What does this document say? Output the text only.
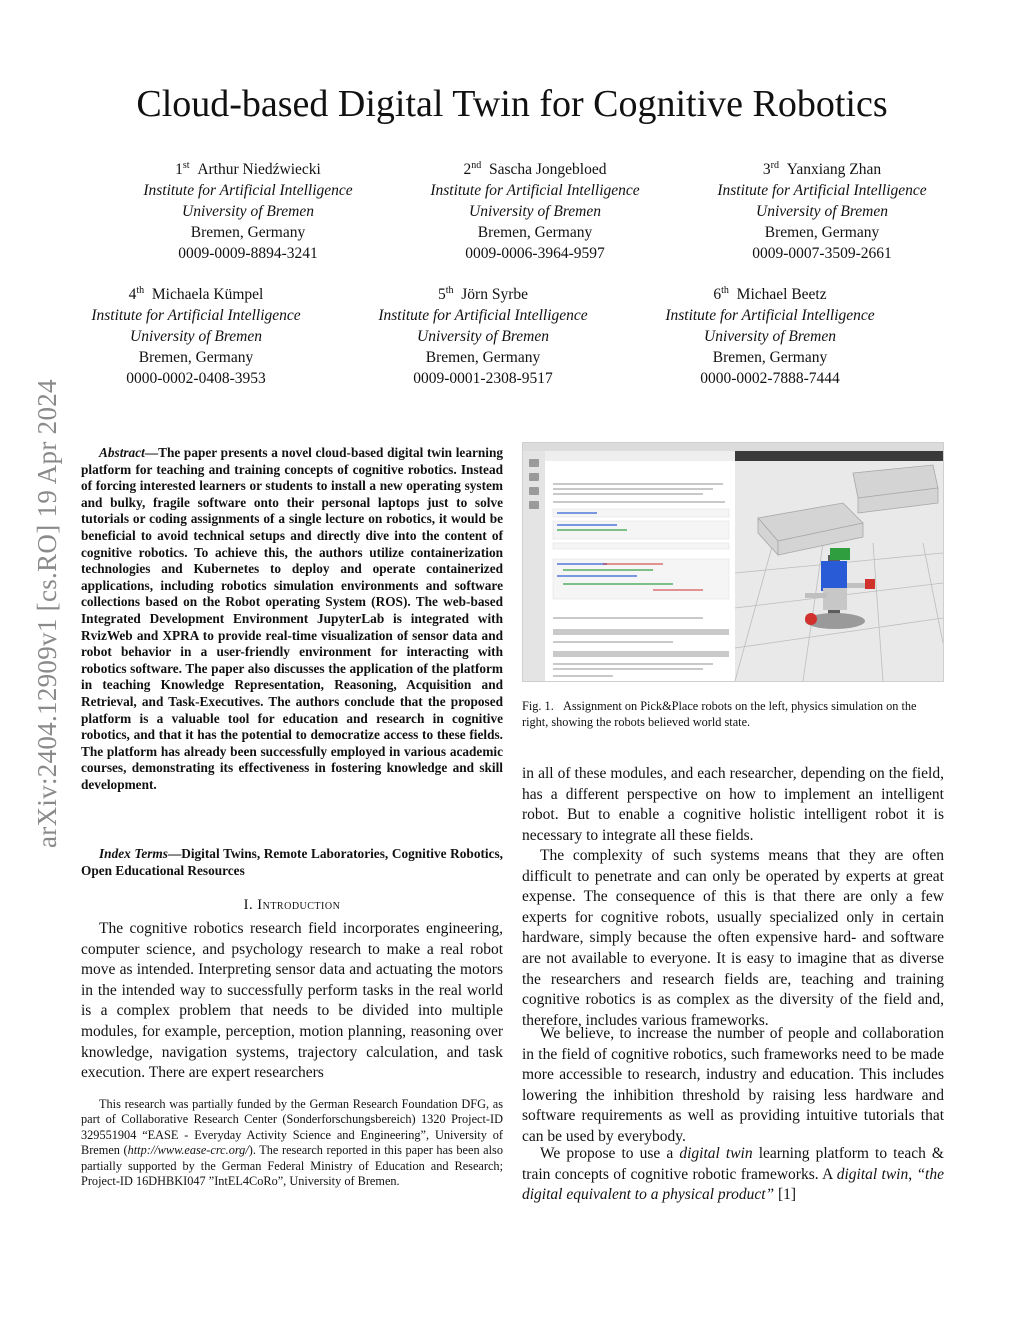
arXiv:2404.12909v1 [cs.RO] 19 Apr 2024
Cloud-based Digital Twin for Cognitive Robotics
1st Arthur Niedźwiecki
Institute for Artificial Intelligence
University of Bremen
Bremen, Germany
0009-0009-8894-3241
2nd Sascha Jongebloed
Institute for Artificial Intelligence
University of Bremen
Bremen, Germany
0009-0006-3964-9597
3rd Yanxiang Zhan
Institute for Artificial Intelligence
University of Bremen
Bremen, Germany
0009-0007-3509-2661
4th Michaela Kümpel
Institute for Artificial Intelligence
University of Bremen
Bremen, Germany
0000-0002-0408-3953
5th Jörn Syrbe
Institute for Artificial Intelligence
University of Bremen
Bremen, Germany
0009-0001-2308-9517
6th Michael Beetz
Institute for Artificial Intelligence
University of Bremen
Bremen, Germany
0000-0002-7888-7444
Abstract—The paper presents a novel cloud-based digital twin learning platform for teaching and training concepts of cognitive robotics. Instead of forcing interested learners or students to install a new operating system and bulky, fragile software onto their personal laptops just to solve tutorials or coding assignments of a single lecture on robotics, it would be beneficial to avoid technical setups and directly dive into the content of cognitive robotics. To achieve this, the authors utilize containerization technologies and Kubernetes to deploy and operate containerized applications, including robotics simulation environments and software collections based on the Robot operating System (ROS). The web-based Integrated Development Environment JupyterLab is integrated with RvizWeb and XPRA to provide real-time visualization of sensor data and robot behavior in a user-friendly environment for interacting with robotics software. The paper also discusses the application of the platform in teaching Knowledge Representation, Reasoning, Acquisition and Retrieval, and Task-Executives. The authors conclude that the proposed platform is a valuable tool for education and research in cognitive robotics, and that it has the potential to democratize access to these fields. The platform has already been successfully employed in various academic courses, demonstrating its effectiveness in fostering knowledge and skill development.
Index Terms—Digital Twins, Remote Laboratories, Cognitive Robotics, Open Educational Resources
I. Introduction
The cognitive robotics research field incorporates engineering, computer science, and psychology research to make a real robot move as intended. Interpreting sensor data and actuating the motors in the intended way to successfully perform tasks in the real world is a complex problem that needs to be divided into multiple modules, for example, perception, motion planning, reasoning over knowledge, navigation systems, trajectory calculation, and task execution. There are expert researchers
This research was partially funded by the German Research Foundation DFG, as part of Collaborative Research Center (Sonderforschungsbereich) 1320 Project-ID 329551904 “EASE - Everyday Activity Science and Engineering”, University of Bremen (http://www.ease-crc.org/). The research reported in this paper has been also partially supported by the German Federal Ministry of Education and Research; Project-ID 16DHBKI047 ”IntEL4CoRo”, University of Bremen.
Fig. 1. Assignment on Pick&Place robots on the left, physics simulation on the right, showing the robots believed world state.
in all of these modules, and each researcher, depending on the field, has a different perspective on how to implement an intelligent robot. But to enable a cognitive holistic intelligent robot it is necessary to integrate all these fields.
The complexity of such systems means that they are often difficult to penetrate and can only be operated by experts at great expense. The consequence of this is that there are only a few experts for cognitive robots, usually specialized only in certain hardware, simply because the often expensive hard- and software are not available to everyone. It is easy to imagine that as diverse the researchers and research fields are, teaching and training cognitive robotics is as complex as the diversity of the field and, therefore, includes various frameworks.
We believe, to increase the number of people and collaboration in the field of cognitive robotics, such frameworks need to be made more accessible to research, industry and education. This includes lowering the inhibition threshold by raising less hardware and software requirements as well as providing intuitive tutorials that can be used by everybody.
We propose to use a digital twin learning platform to teach & train concepts of cognitive robotic frameworks. A digital twin, “the digital equivalent to a physical product” [1]
